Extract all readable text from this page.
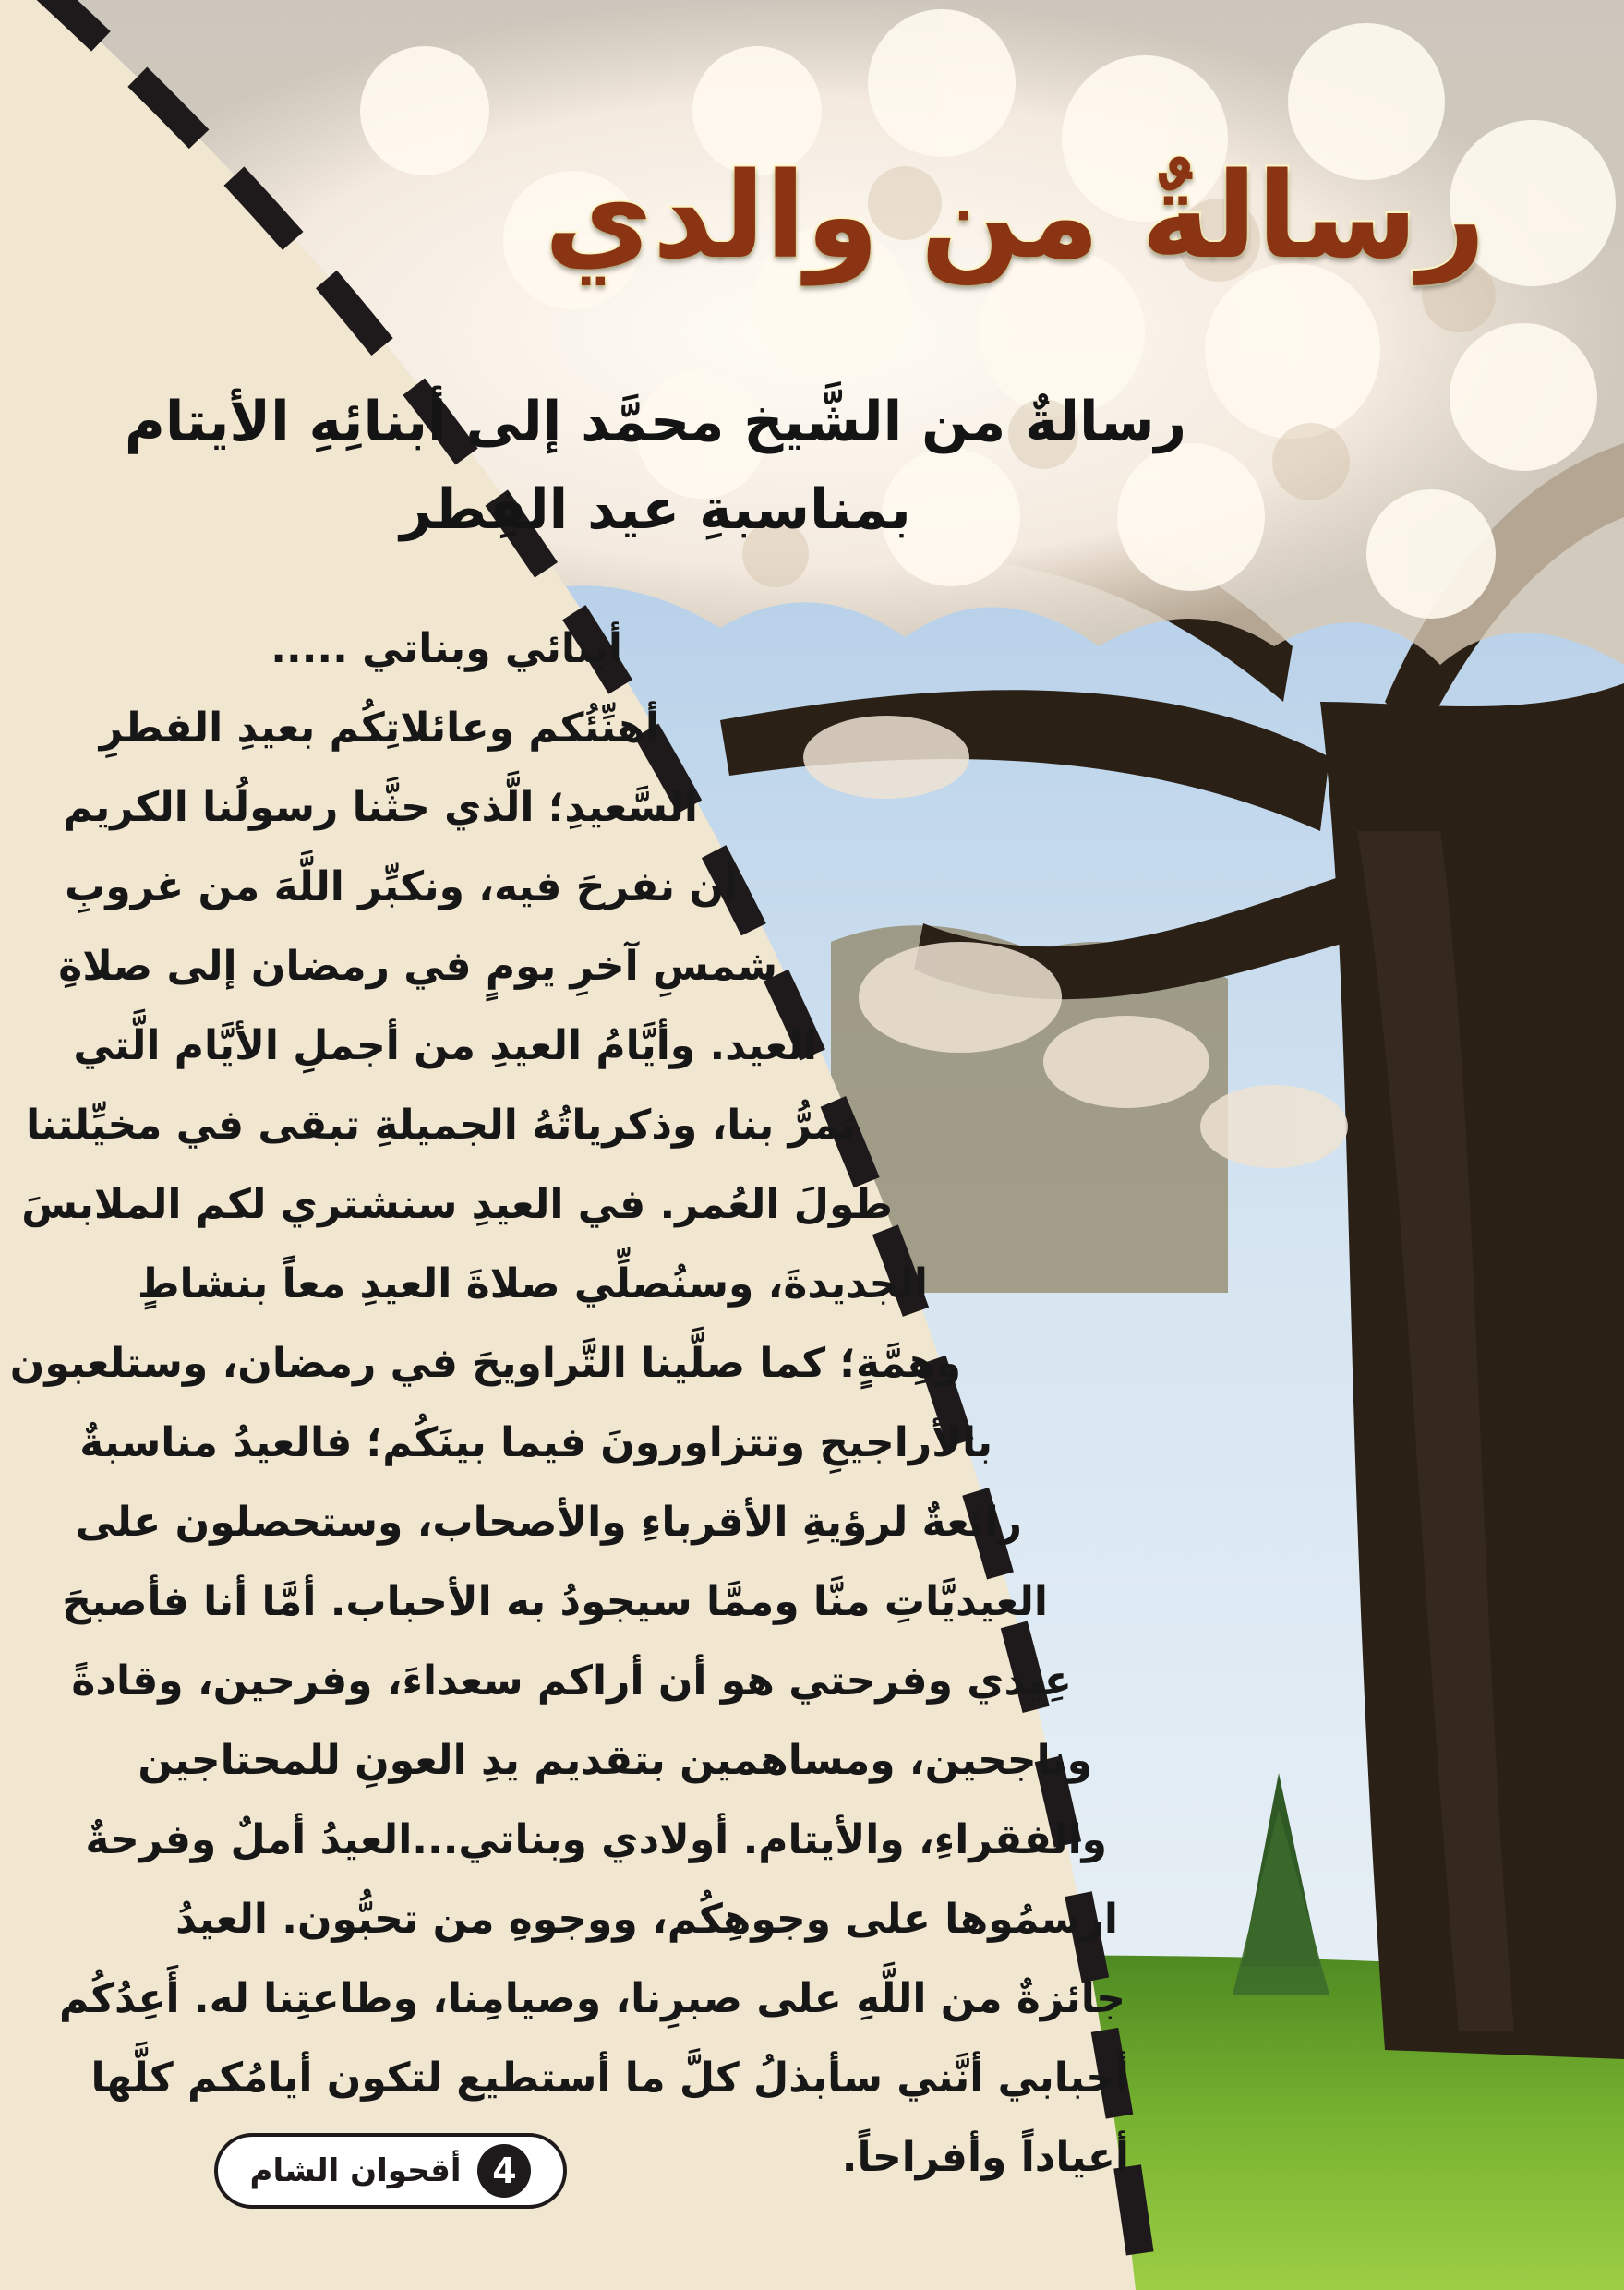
رسالةٌ من والدي
رسالةٌ من الشَّيخ محمَّد إلى أبنائِهِ الأيتام
بمناسبةِ عيد الفِطر
أبنائي وبناتي .....
أهنِّئُكم وعائلاتِكُم بعيدِ الفطرِ
السَّعيدِ؛ الَّذي حثَّنا رسولُنا الكريم
أن نفرحَ فيه، ونكبِّر اللَّهَ من غروبِ
شمسِ آخرِ يومٍ في رمضان إلى صلاةِ
العيد. وأيَّامُ العيدِ من أجملِ الأيَّام الَّتي
تمرُّ بنا، وذكرياتُهُ الجميلةِ تبقى في مخيِّلتنا
طولَ العُمر. في العيدِ سنشتري لكم الملابسَ
الجديدةَ، وسنُصلِّي صلاةَ العيدِ معاً بنشاطٍ
وهِمَّةٍ؛ كما صلَّينا التَّراويحَ في رمضان، وستلعبون
بالأراجيحِ وتتزاورونَ فيما بينَكُم؛ فالعيدُ مناسبةٌ
رائعةٌ لرؤيةِ الأقرباءِ والأصحاب، وستحصلون على
العيديَّاتِ منَّا وممَّا سيجودُ به الأحباب. أمَّا أنا فأصبحَ
عِيدي وفرحتي هو أن أراكم سعداءَ، وفرحين، وقادةً
وناجحين، ومساهمين بتقديم يدِ العونِ للمحتاجين
والفقراءِ، والأيتام. أولادي وبناتي...العيدُ أملٌ وفرحةٌ
ارسمُوها على وجوهِكُم، ووجوهِ من تحبُّون. العيدُ
جائزةٌ من اللَّهِ على صبرِنا، وصيامِنا، وطاعتِنا له. أَعِدُكُم
أحبابي أنَّني سأبذلُ كلَّ ما أستطيع لتكون أيامُكم كلَّها
أعياداً وأفراحاً.
4
أقحوان الشام
